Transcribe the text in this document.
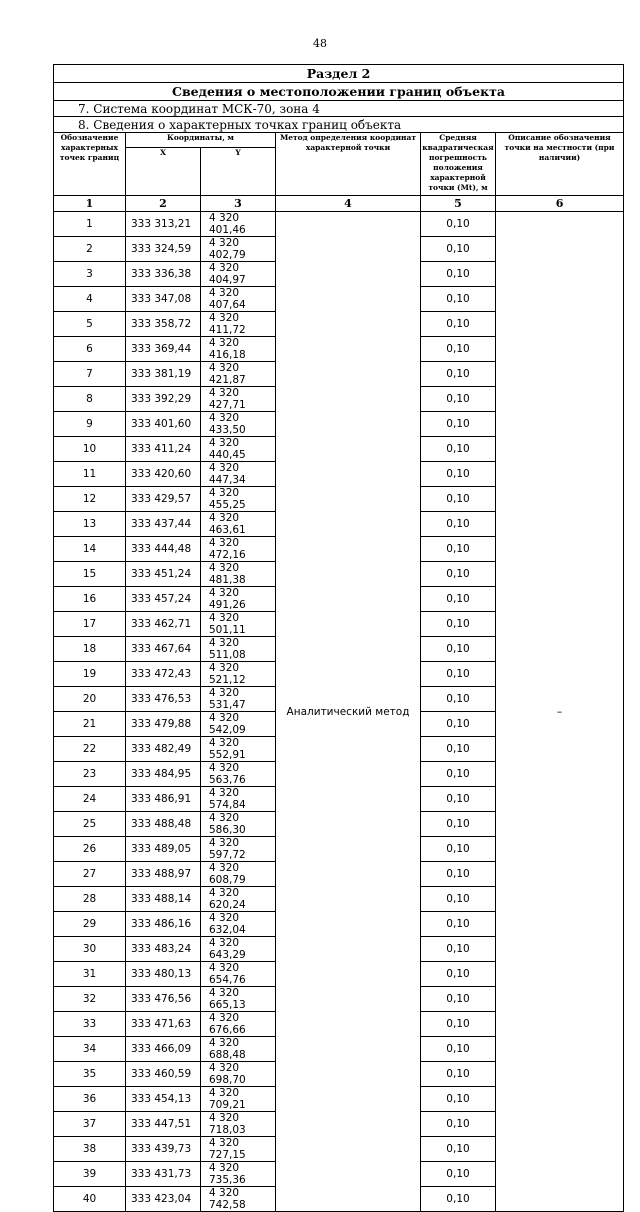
48
Раздел 2					
Сведения о местоположении границ объекта					
7. Система координат МСК-70, зона 4					
8. Сведения о характерных точках границ объекта					
Обозначение характерных точек границ	Координаты, м		Метод определения координат характерной точки	Средняя квадратическая погрешность положения характерной точки (Mt), м	Описание обозначения точки на местности (при наличии)
	X	Y			
1	2	3	4	5	6
1	333 313,21	4 320 401,46	Аналитический метод	0,10	–
2	333 324,59	4 320 402,79		0,10	
3	333 336,38	4 320 404,97		0,10	
4	333 347,08	4 320 407,64		0,10	
5	333 358,72	4 320 411,72		0,10	
6	333 369,44	4 320 416,18		0,10	
7	333 381,19	4 320 421,87		0,10	
8	333 392,29	4 320 427,71		0,10	
9	333 401,60	4 320 433,50		0,10	
10	333 411,24	4 320 440,45		0,10	
11	333 420,60	4 320 447,34		0,10	
12	333 429,57	4 320 455,25		0,10	
13	333 437,44	4 320 463,61		0,10	
14	333 444,48	4 320 472,16		0,10	
15	333 451,24	4 320 481,38		0,10	
16	333 457,24	4 320 491,26		0,10	
17	333 462,71	4 320 501,11		0,10	
18	333 467,64	4 320 511,08		0,10	
19	333 472,43	4 320 521,12		0,10	
20	333 476,53	4 320 531,47		0,10	
21	333 479,88	4 320 542,09		0,10	
22	333 482,49	4 320 552,91		0,10	
23	333 484,95	4 320 563,76		0,10	
24	333 486,91	4 320 574,84		0,10	
25	333 488,48	4 320 586,30		0,10	
26	333 489,05	4 320 597,72		0,10	
27	333 488,97	4 320 608,79		0,10	
28	333 488,14	4 320 620,24		0,10	
29	333 486,16	4 320 632,04		0,10	
30	333 483,24	4 320 643,29		0,10	
31	333 480,13	4 320 654,76		0,10	
32	333 476,56	4 320 665,13		0,10	
33	333 471,63	4 320 676,66		0,10	
34	333 466,09	4 320 688,48		0,10	
35	333 460,59	4 320 698,70		0,10	
36	333 454,13	4 320 709,21		0,10	
37	333 447,51	4 320 718,03		0,10	
38	333 439,73	4 320 727,15		0,10	
39	333 431,73	4 320 735,36		0,10	
40	333 423,04	4 320 742,58		0,10	
